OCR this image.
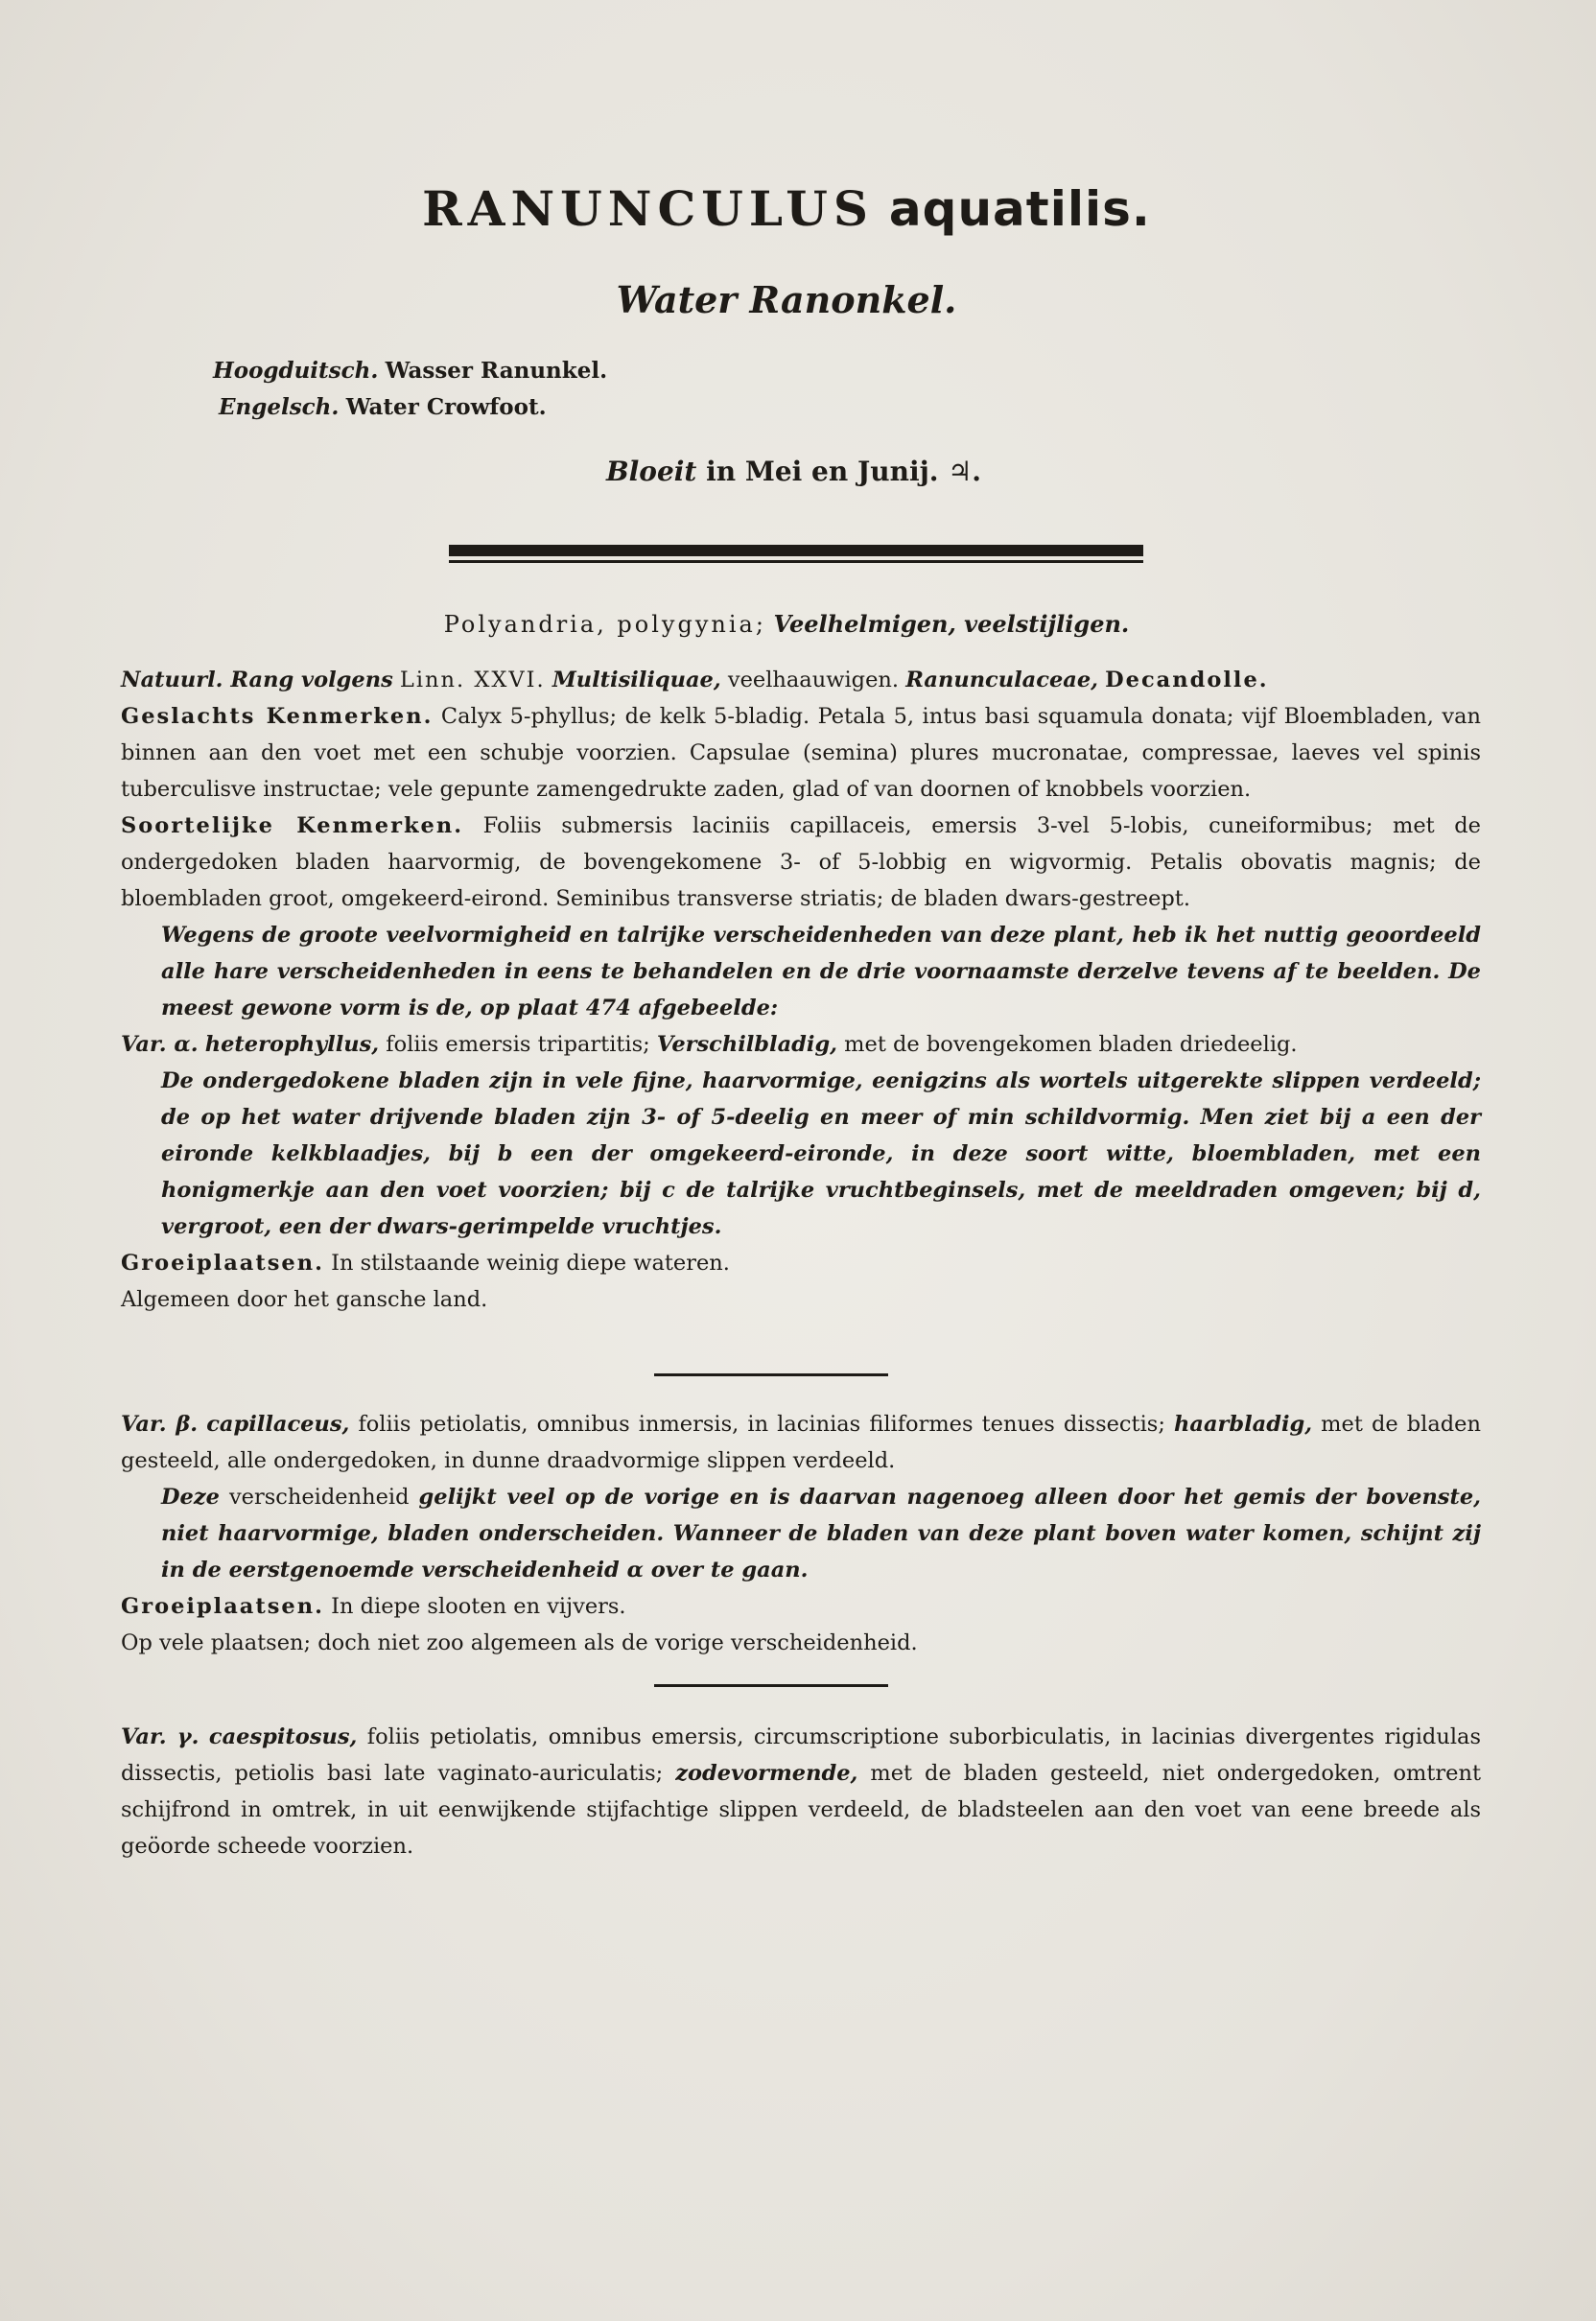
RANUNCULUS aquatilis.
Water Ranonkel.
Hoogduitsch. Wasser Ranunkel.
Engelsch. Water Crowfoot.
Bloeit in Mei en Junij. ♃.
Polyandria, polygynia; Veelhelmigen, veelstijligen.

Natuurl. Rang volgens Linn. XXVI. Multisiliquae, veelhaauwigen. Ranunculaceae, Decandolle.

Geslachts Kenmerken. Calyx 5-phyllus; de kelk 5-bladig. Petala 5, intus basi squamula donata; vijf Bloembladen, van binnen aan den voet met een schubje voorzien. Capsulae (semina) plures mucronatae, compressae, laeves vel spinis tuberculisve instructae; vele gepunte zamengedrukte zaden, glad of van doornen of knobbels voorzien.

Soortelijke Kenmerken. Foliis submersis laciniis capillaceis, emersis 3-vel 5-lobis, cuneiformibus; met de ondergedoken bladen haarvormig, de bovengekomene 3- of 5-lobbig en wigvormig. Petalis obovatis magnis; de bloembladen groot, omgekeerd-eirond. Seminibus transverse striatis; de bladen dwars-gestreept.

Wegens de groote veelvormigheid en talrijke verscheidenheden van deze plant, heb ik het nuttig geoordeeld alle hare verscheidenheden in eens te behandelen en de drie voornaamste derzelve tevens af te beelden. De meest gewone vorm is de, op plaat 474 afgebeelde:

Var. α. heterophyllus, foliis emersis tripartitis; Verschilbladig, met de bovengekomen bladen driedeelig.

De ondergedokene bladen zijn in vele fijne, haarvormige, eenigzins als wortels uitgerekte slippen verdeeld; de op het water drijvende bladen zijn 3- of 5-deelig en meer of min schildvormig. Men ziet bij a een der eironde kelkblaadjes, bij b een der omgekeerd-eironde, in deze soort witte, bloembladen, met een honigmerkje aan den voet voorzien; bij c de talrijke vruchtbeginsels, met de meeldraden omgeven; bij d, vergroot, een der dwars-gerimpelde vruchtjes.

Groeiplaatsen. In stilstaande weinig diepe wateren.

Algemeen door het gansche land.

Var. β. capillaceus, foliis petiolatis, omnibus inmersis, in lacinias filiformes tenues dissectis; haarbladig, met de bladen gesteeld, alle ondergedoken, in dunne draadvormige slippen verdeeld.

Deze verscheidenheid gelijkt veel op de vorige en is daarvan nagenoeg alleen door het gemis der bovenste, niet haarvormige, bladen onderscheiden. Wanneer de bladen van deze plant boven water komen, schijnt zij in de eerstgenoemde verscheidenheid α over te gaan.

Groeiplaatsen. In diepe slooten en vijvers.

Op vele plaatsen; doch niet zoo algemeen als de vorige verscheidenheid.

Var. γ. caespitosus, foliis petiolatis, omnibus emersis, circumscriptione suborbiculatis, in lacinias divergentes rigidulas dissectis, petiolis basi late vaginato-auriculatis; zodevormende, met de bladen gesteeld, niet ondergedoken, omtrent schijfrond in omtrek, in uit eenwijkende stijfachtige slippen verdeeld, de bladsteelen aan den voet van eene breede als geöorde scheede voorzien.
